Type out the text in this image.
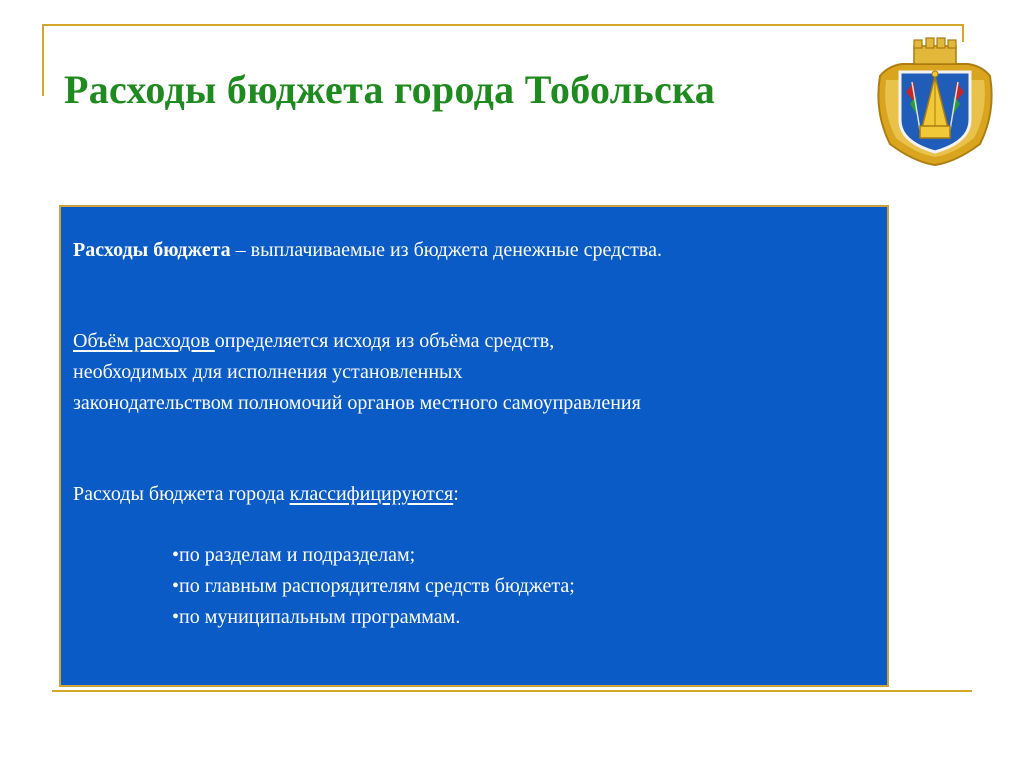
Расходы бюджета города Тобольска
Расходы бюджета – выплачиваемые из бюджета денежные средства.
Объём расходов определяется исходя из объёма средств,
необходимых для исполнения установленных
законодательством полномочий органов местного самоуправления
Расходы бюджета города классифицируются:
•по разделам и подразделам;
•по главным распорядителям средств бюджета;
•по муниципальным программам.
